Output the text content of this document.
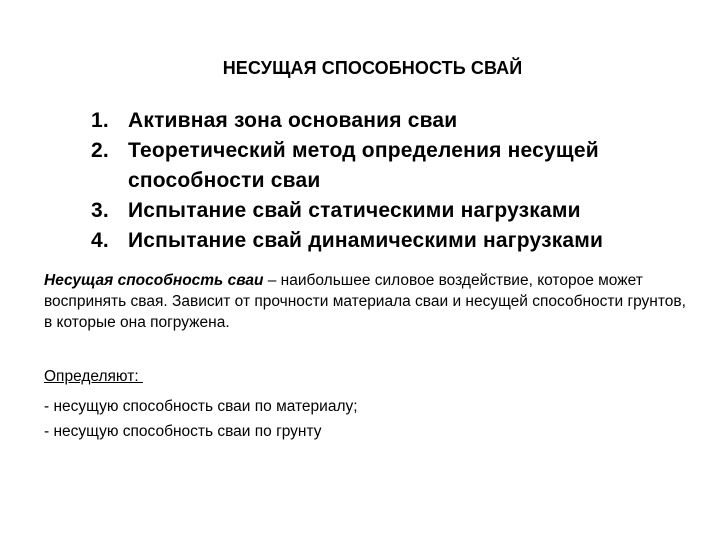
НЕСУЩАЯ СПОСОБНОСТЬ СВАЙ
1. Активная зона основания сваи
2. Теоретический метод определения несущей способности сваи
3. Испытание свай статическими нагрузками
4. Испытание свай динамическими нагрузками

Несущая способность сваи – наибольшее силовое воздействие, которое может воспринять свая. Зависит от прочности материала сваи и несущей способности грунтов, в которые она погружена.

Определяют:
- несущую способность сваи по материалу;
- несущую способность сваи по грунту
